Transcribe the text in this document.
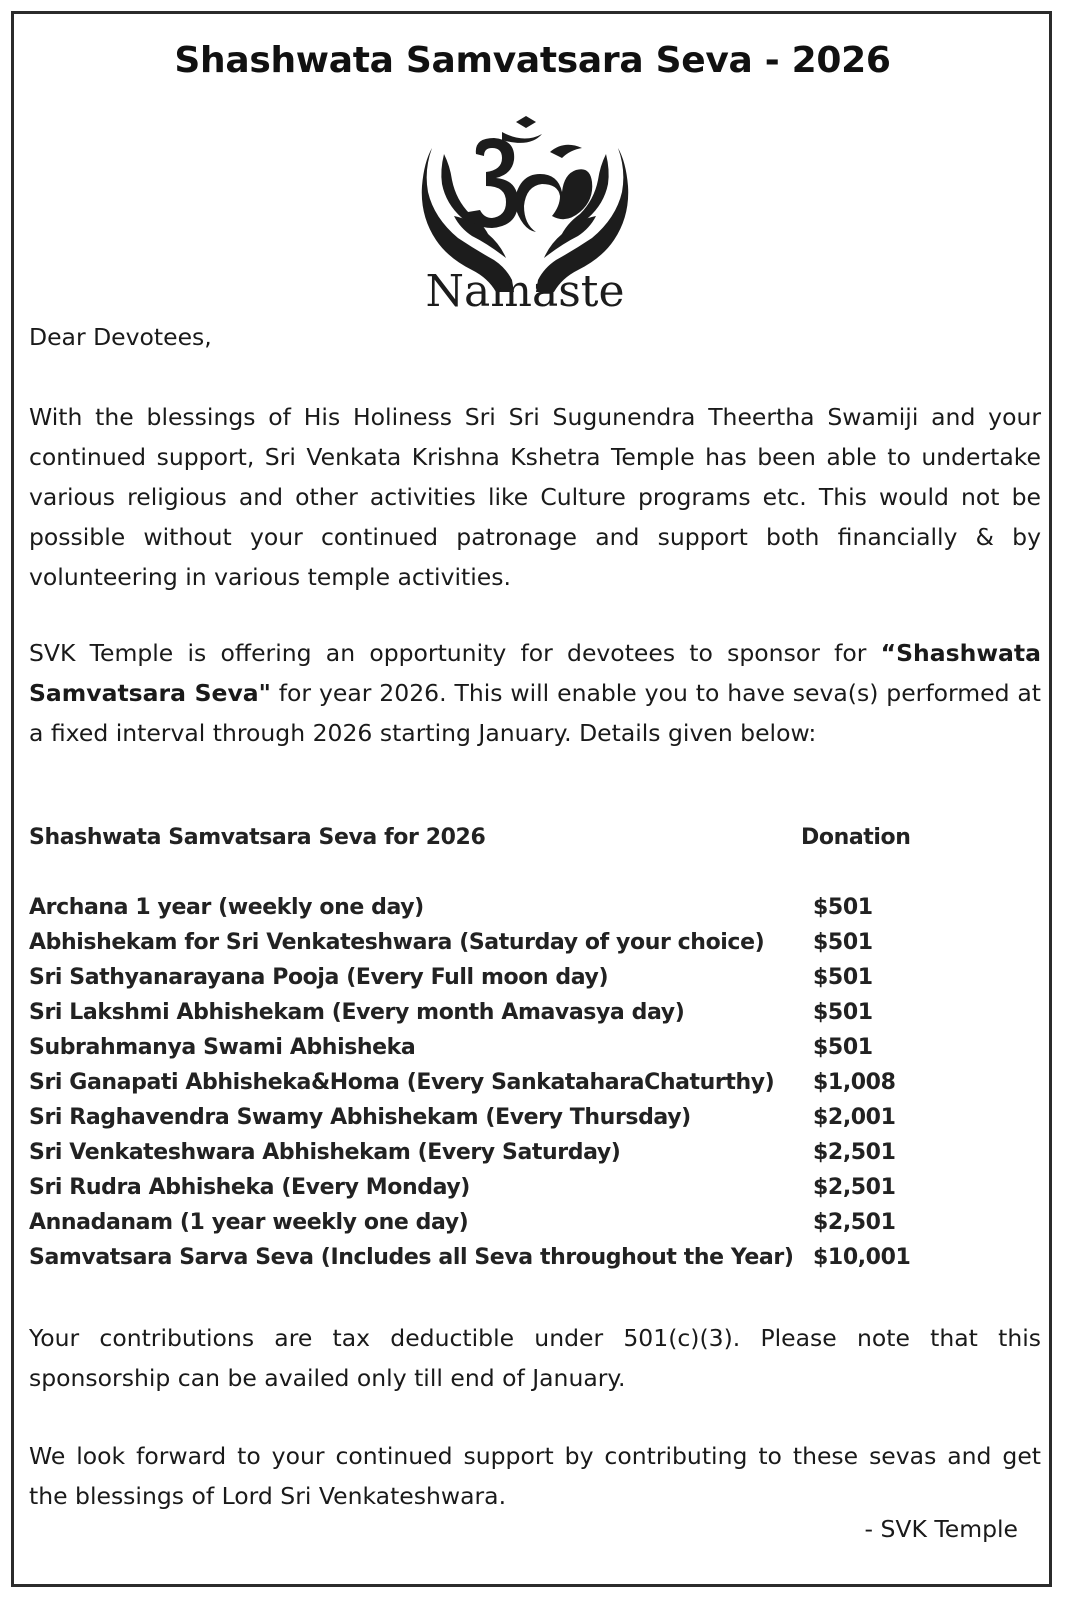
Shashwata Samvatsara Seva - 2026
Namaste

Dear Devotees,

With the blessings of His Holiness Sri Sri Sugunendra Theertha Swamiji and your continued support, Sri Venkata Krishna Kshetra Temple has been able to undertake various religious and other activities like Culture programs etc. This would not be possible without your continued patronage and support both financially & by volunteering in various temple activities.

SVK Temple is offering an opportunity for devotees to sponsor for “Shashwata Samvatsara Seva" for year 2026. This will enable you to have seva(s) performed at a fixed interval through 2026 starting January. Details given below:

Shashwata Samvatsara Seva for 2026	Donation
Archana 1 year (weekly one day)	$501
Abhishekam for Sri Venkateshwara (Saturday of your choice) $501
Sri Sathyanarayana Pooja (Every Full moon day)	$501
Sri Lakshmi Abhishekam (Every month Amavasya day)	$501
Subrahmanya Swami Abhisheka	$501
Sri Ganapati Abhisheka&Homa (Every SankataharaChaturthy) $1,008
Sri Raghavendra Swamy Abhishekam (Every Thursday)	$2,001
Sri Venkateshwara Abhishekam (Every Saturday)	$2,501
Sri Rudra Abhisheka (Every Monday)	$2,501
Annadanam (1 year weekly one day)	$2,501
Samvatsara Sarva Seva (Includes all Seva throughout the Year) $10,001

Your contributions are tax deductible under 501(c)(3). Please note that this sponsorship can be availed only till end of January.

We look forward to your continued support by contributing to these sevas and get the blessings of Lord Sri Venkateshwara.

- SVK Temple
